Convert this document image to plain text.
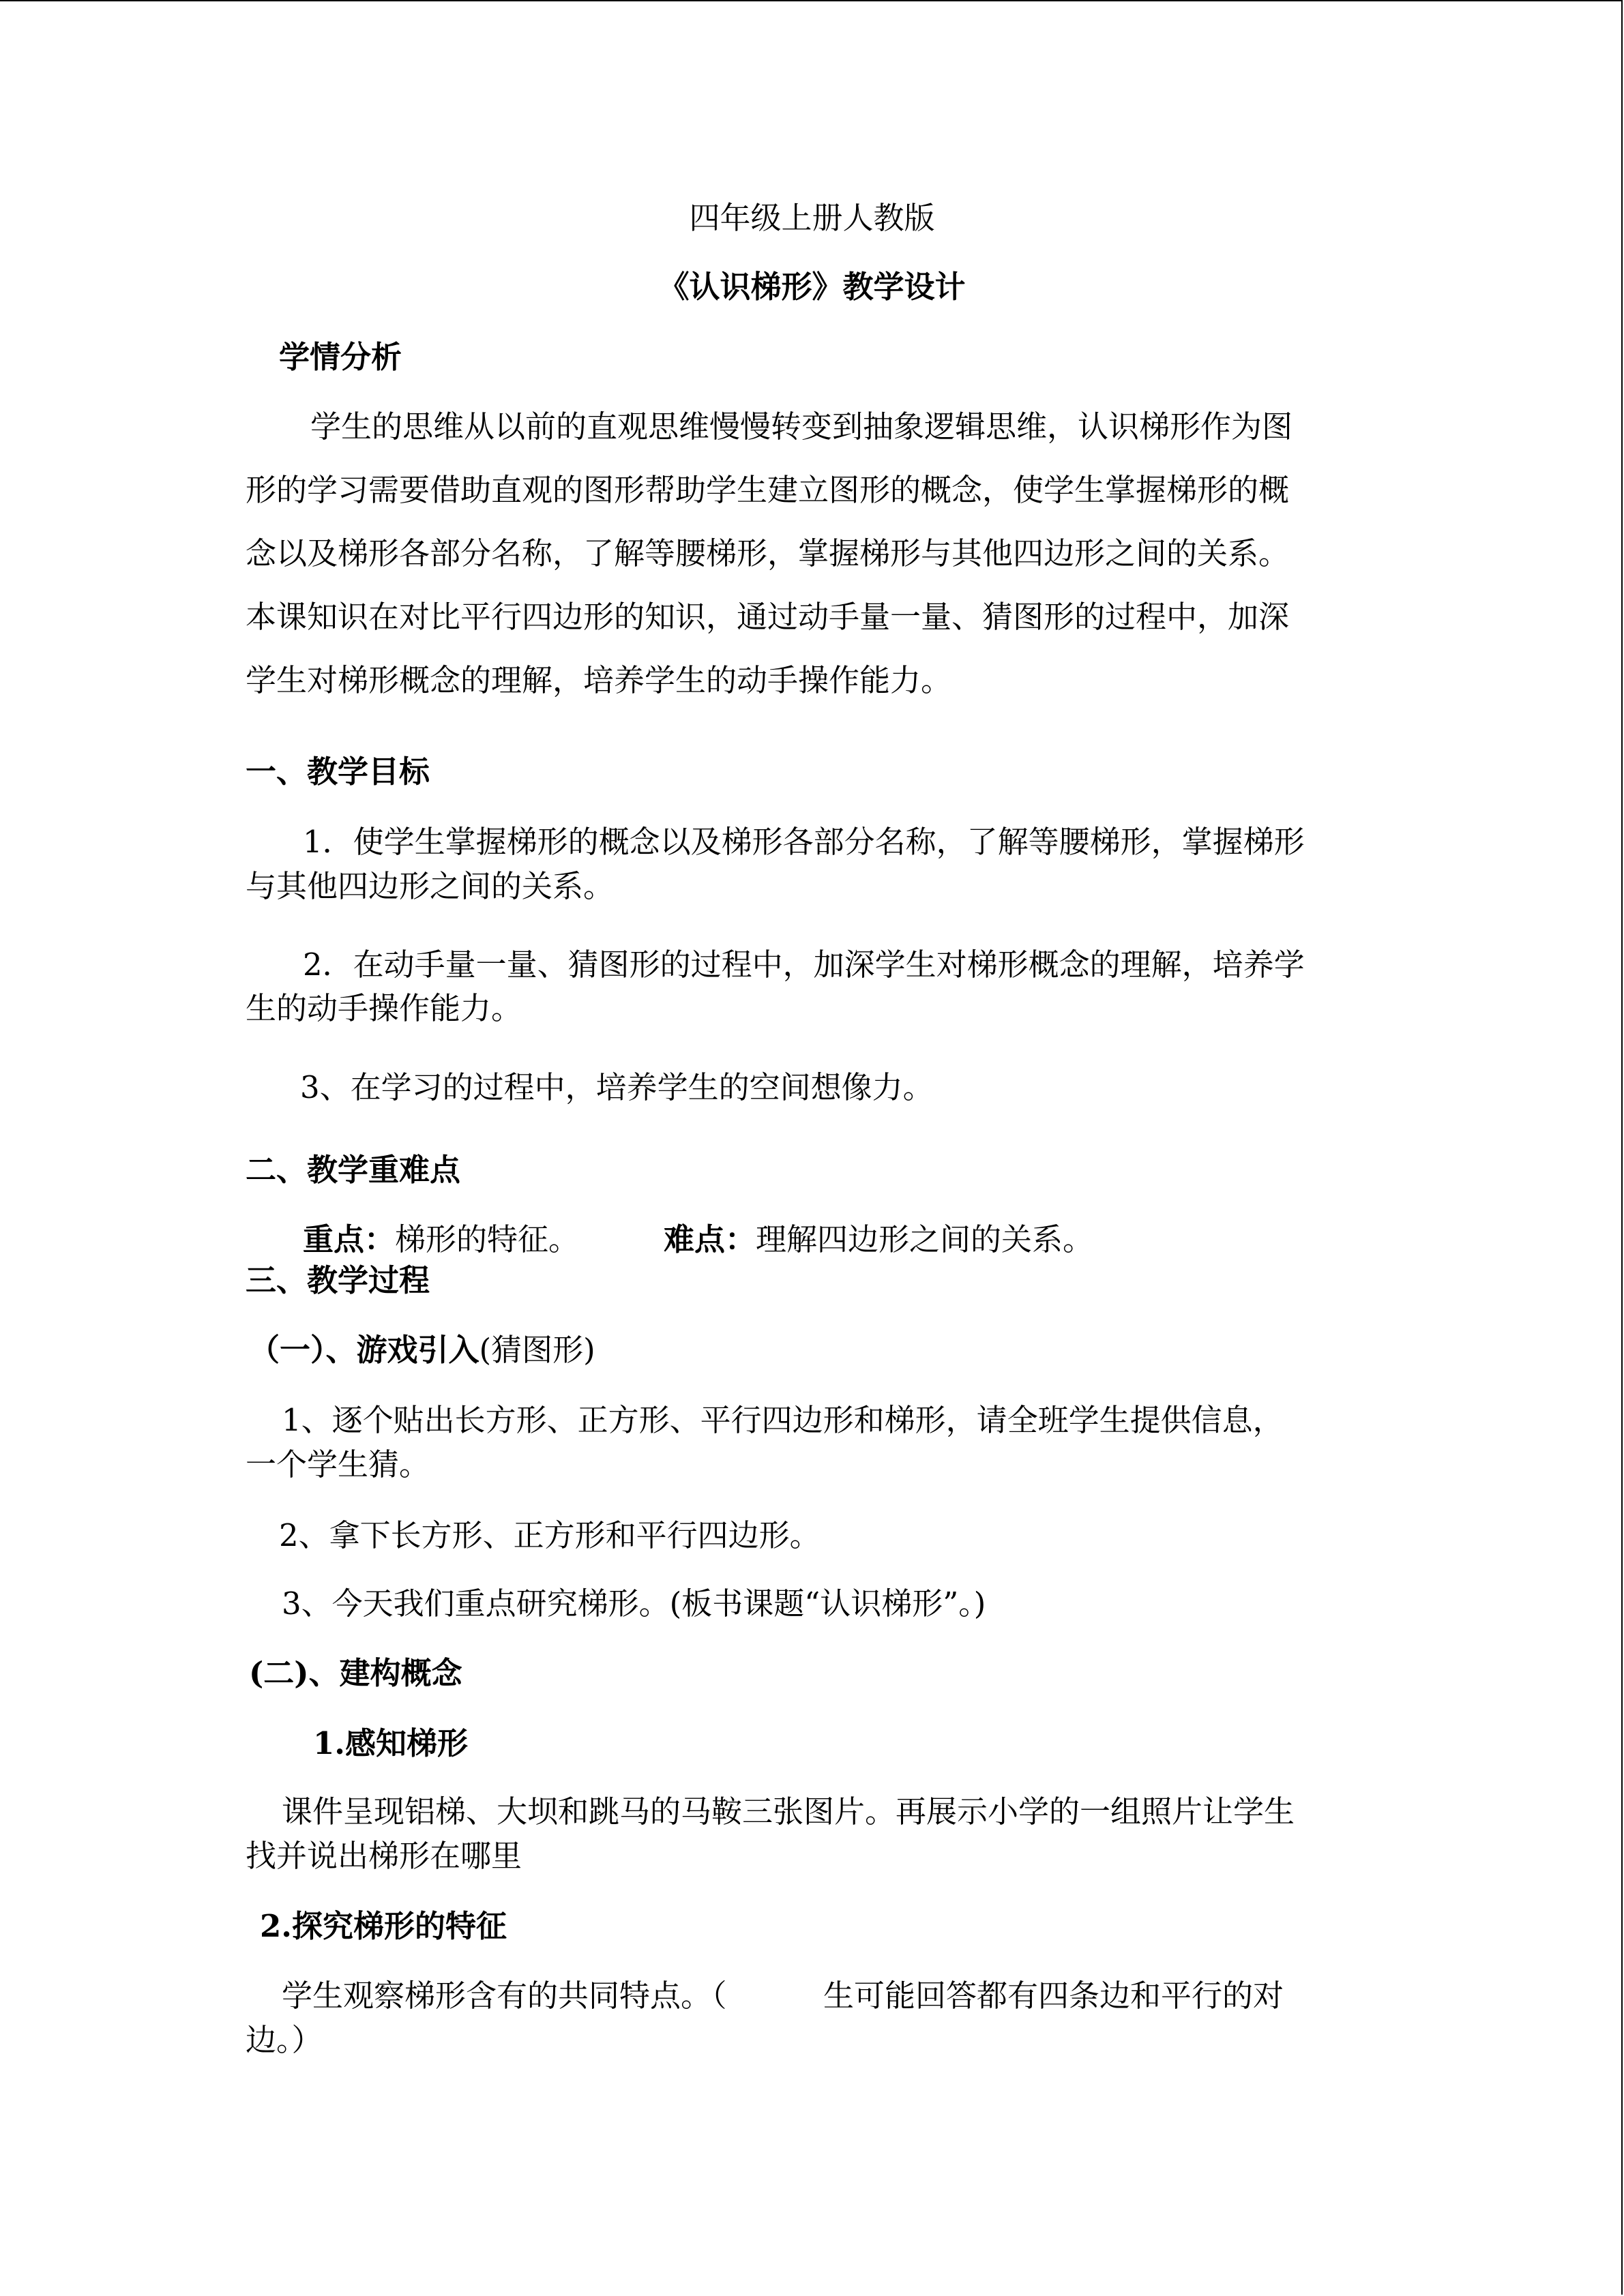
四年级上册人教版
《认识梯形》教学设计
学情分析
学生的思维从以前的直观思维慢慢转变到抽象逻辑思维，认识梯形作为图
形的学习需要借助直观的图形帮助学生建立图形的概念，使学生掌握梯形的概
念以及梯形各部分名称，了解等腰梯形，掌握梯形与其他四边形之间的关系。
本课知识在对比平行四边形的知识，通过动手量一量、猜图形的过程中，加深
学生对梯形概念的理解，培养学生的动手操作能力。
一、教学目标
1．使学生掌握梯形的概念以及梯形各部分名称，了解等腰梯形，掌握梯形
与其他四边形之间的关系。
2．在动手量一量、猜图形的过程中，加深学生对梯形概念的理解，培养学
生的动手操作能力。
3、在学习的过程中，培养学生的空间想像力。
二、教学重难点
重点：梯形的特征。	难点：理解四边形之间的关系。
三、教学过程
（一）、游戏引入(猜图形)
1、逐个贴出长方形、正方形、平行四边形和梯形，请全班学生提供信息，
一个学生猜。
2、拿下长方形、正方形和平行四边形。
3、今天我们重点研究梯形。(板书课题“认识梯形”。)
(二)、建构概念
1.感知梯形
课件呈现铝梯、大坝和跳马的马鞍三张图片。再展示小学的一组照片让学生
找并说出梯形在哪里
2.探究梯形的特征
学生观察梯形含有的共同特点。（	生可能回答都有四条边和平行的对
边。）
